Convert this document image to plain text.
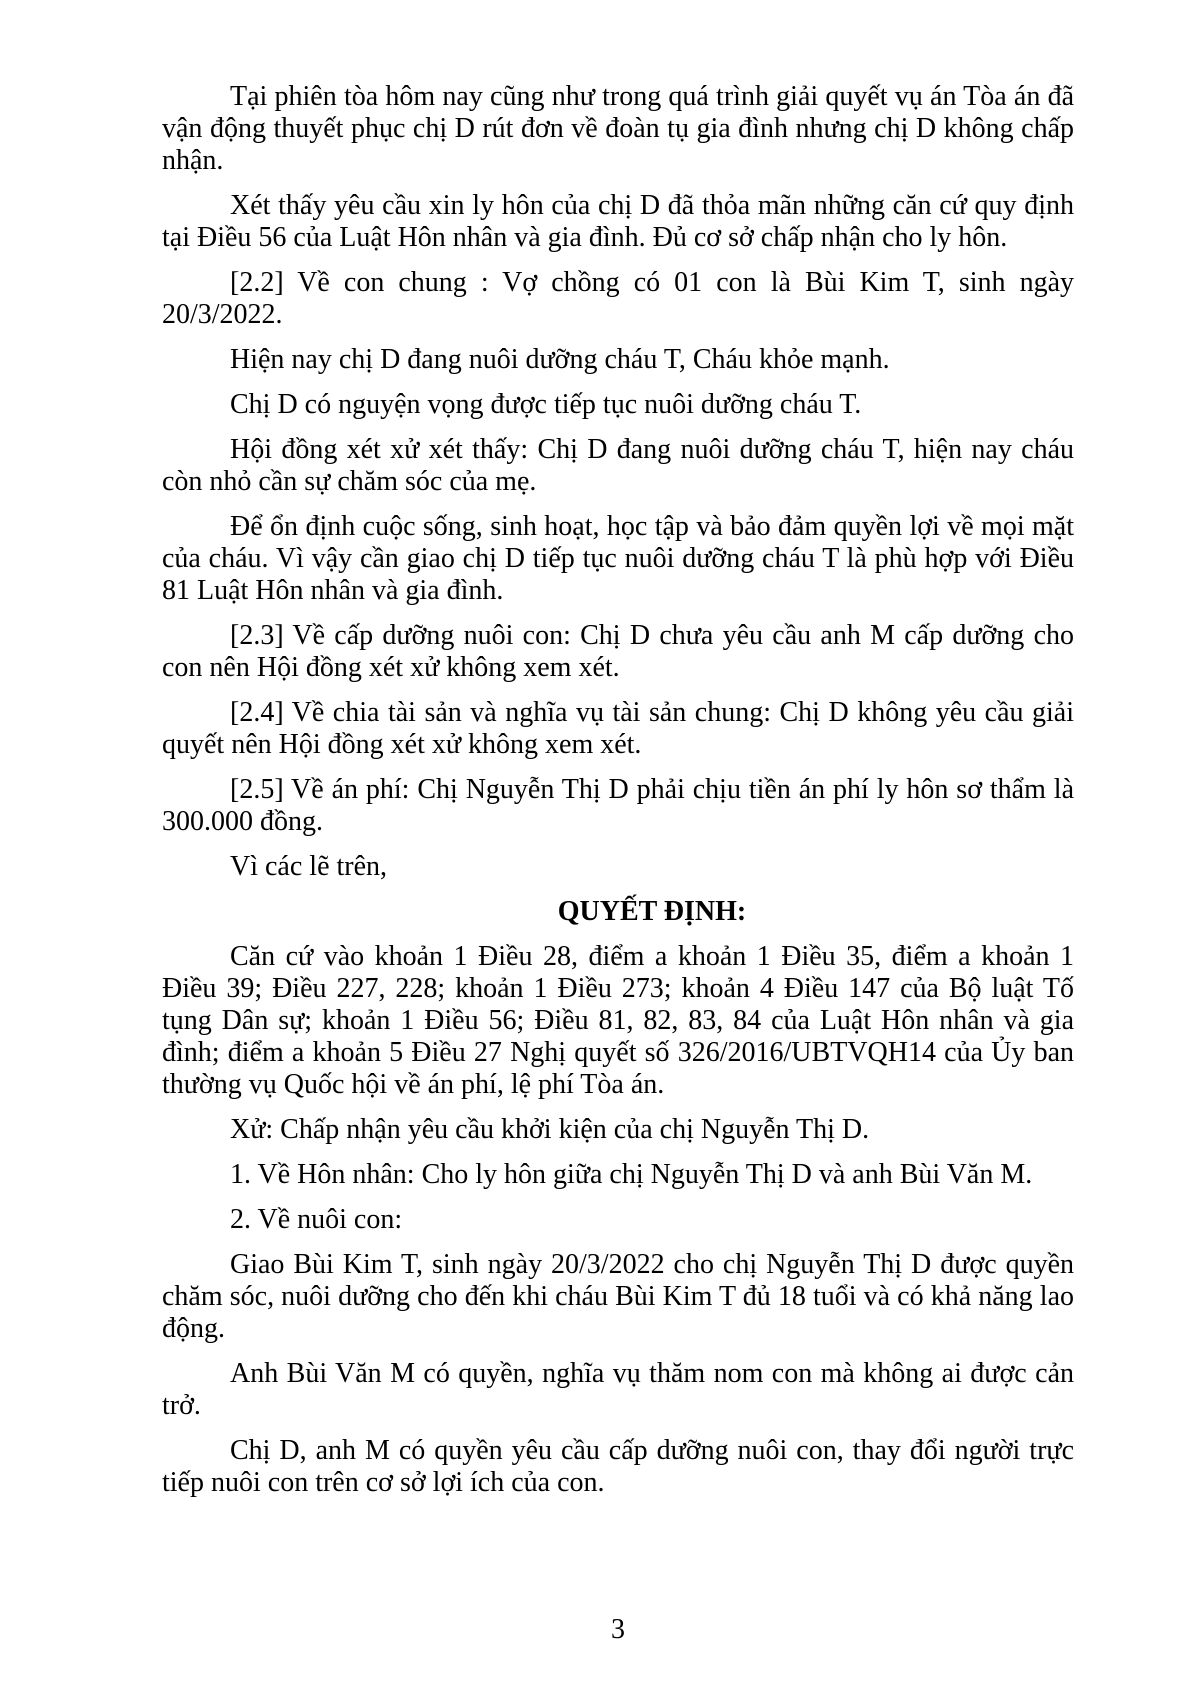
Tại phiên tòa hôm nay cũng như trong quá trình giải quyết vụ án Tòa án đã vận động thuyết phục chị D rút đơn về đoàn tụ gia đình nhưng chị D không chấp nhận.

Xét thấy yêu cầu xin ly hôn của chị D đã thỏa mãn những căn cứ quy định tại Điều 56 của Luật Hôn nhân và gia đình. Đủ cơ sở chấp nhận cho ly hôn.

[2.2] Về con chung : Vợ chồng có 01 con là Bùi Kim T, sinh ngày 20/3/2022.

Hiện nay chị D đang nuôi dưỡng cháu T, Cháu khỏe mạnh.

Chị D có nguyện vọng được tiếp tục nuôi dưỡng cháu T.

Hội đồng xét xử xét thấy: Chị D đang nuôi dưỡng cháu T, hiện nay cháu còn nhỏ cần sự chăm sóc của mẹ.

Để ổn định cuộc sống, sinh hoạt, học tập và bảo đảm quyền lợi về mọi mặt của cháu. Vì vậy cần giao chị D tiếp tục nuôi dưỡng cháu T là phù hợp với Điều 81 Luật Hôn nhân và gia đình.

[2.3] Về cấp dưỡng nuôi con: Chị D chưa yêu cầu anh M cấp dưỡng cho con nên Hội đồng xét xử không xem xét.

[2.4] Về chia tài sản và nghĩa vụ tài sản chung: Chị D không yêu cầu giải quyết nên Hội đồng xét xử không xem xét.

[2.5] Về án phí: Chị Nguyễn Thị D phải chịu tiền án phí ly hôn sơ thẩm là 300.000 đồng.

Vì các lẽ trên,

QUYẾT ĐỊNH:

Căn cứ vào khoản 1 Điều 28, điểm a khoản 1 Điều 35, điểm a khoản 1 Điều 39; Điều 227, 228; khoản 1 Điều 273; khoản 4 Điều 147 của Bộ luật Tố tụng Dân sự; khoản 1 Điều 56; Điều 81, 82, 83, 84 của Luật Hôn nhân và gia đình; điểm a khoản 5 Điều 27 Nghị quyết số 326/2016/UBTVQH14 của Ủy ban thường vụ Quốc hội về án phí, lệ phí Tòa án.

Xử: Chấp nhận yêu cầu khởi kiện của chị Nguyễn Thị D.

1. Về Hôn nhân: Cho ly hôn giữa chị Nguyễn Thị D và anh Bùi Văn M.

2. Về nuôi con:

Giao Bùi Kim T, sinh ngày 20/3/2022 cho chị Nguyễn Thị D được quyền chăm sóc, nuôi dưỡng cho đến khi cháu Bùi Kim T đủ 18 tuổi và có khả năng lao động.

Anh Bùi Văn M có quyền, nghĩa vụ thăm nom con mà không ai được cản trở.

Chị D, anh M có quyền yêu cầu cấp dưỡng nuôi con, thay đổi người trực tiếp nuôi con trên cơ sở lợi ích của con.

3
